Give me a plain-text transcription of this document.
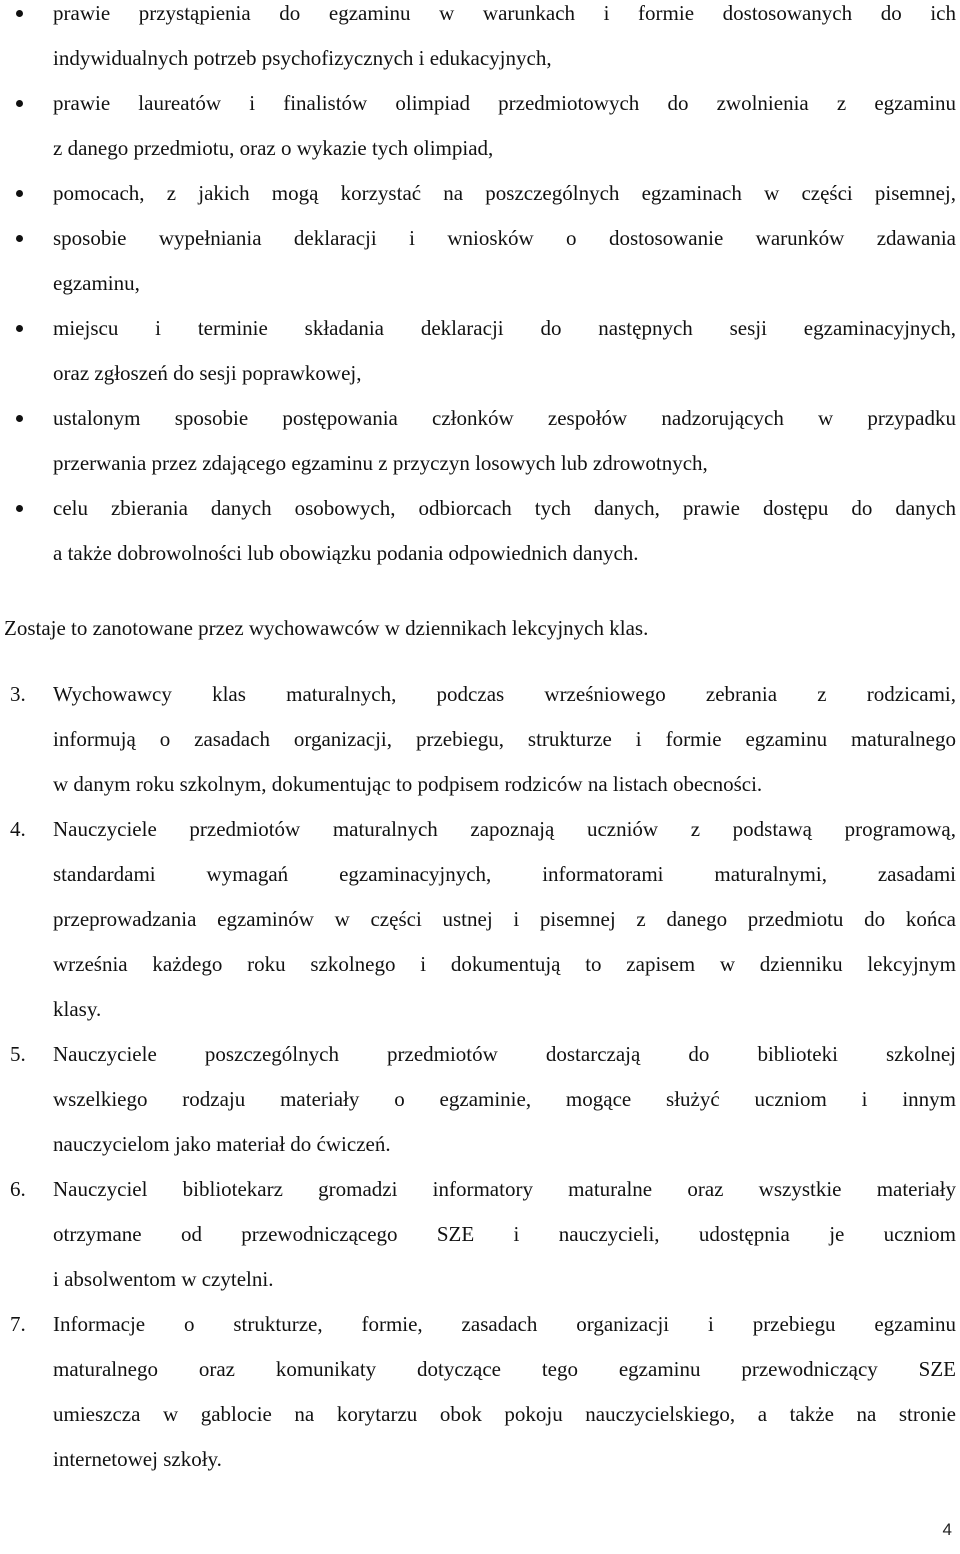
prawie przystąpienia do egzaminu w warunkach i formie dostosowanych do ich
indywidualnych potrzeb psychofizycznych i edukacyjnych,
prawie laureatów i finalistów olimpiad przedmiotowych do zwolnienia z egzaminu
z danego przedmiotu, oraz o wykazie tych olimpiad,
pomocach, z jakich mogą korzystać na poszczególnych egzaminach w części pisemnej,
sposobie wypełniania deklaracji i wniosków o dostosowanie warunków zdawania
egzaminu,
miejscu i terminie składania deklaracji do następnych sesji egzaminacyjnych,
oraz zgłoszeń do sesji poprawkowej,
ustalonym sposobie postępowania członków zespołów nadzorujących w przypadku
przerwania przez zdającego egzaminu z przyczyn losowych lub zdrowotnych,
celu zbierania danych osobowych, odbiorcach tych danych, prawie dostępu do danych
a także dobrowolności lub obowiązku podania odpowiednich danych.
Zostaje to zanotowane przez wychowawców w dziennikach lekcyjnych klas.
3. Wychowawcy klas maturalnych, podczas wrześniowego zebrania z rodzicami,
informują o zasadach organizacji, przebiegu, strukturze i formie egzaminu maturalnego
w danym roku szkolnym, dokumentując to podpisem rodziców na listach obecności.
4. Nauczyciele przedmiotów maturalnych zapoznają uczniów z podstawą programową,
standardami wymagań egzaminacyjnych, informatorami maturalnymi, zasadami
przeprowadzania egzaminów w części ustnej i pisemnej z danego przedmiotu do końca
września każdego roku szkolnego i dokumentują to zapisem w dzienniku lekcyjnym
klasy.
5. Nauczyciele poszczególnych przedmiotów dostarczają do biblioteki szkolnej
wszelkiego rodzaju materiały o egzaminie, mogące służyć uczniom i innym
nauczycielom jako materiał do ćwiczeń.
6. Nauczyciel bibliotekarz gromadzi informatory maturalne oraz wszystkie materiały
otrzymane od przewodniczącego SZE i nauczycieli, udostępnia je uczniom
i absolwentom w czytelni.
7. Informacje o strukturze, formie, zasadach organizacji i przebiegu egzaminu
maturalnego oraz komunikaty dotyczące tego egzaminu przewodniczący SZE
umieszcza w gablocie na korytarzu obok pokoju nauczycielskiego, a także na stronie
internetowej szkoły.
4
